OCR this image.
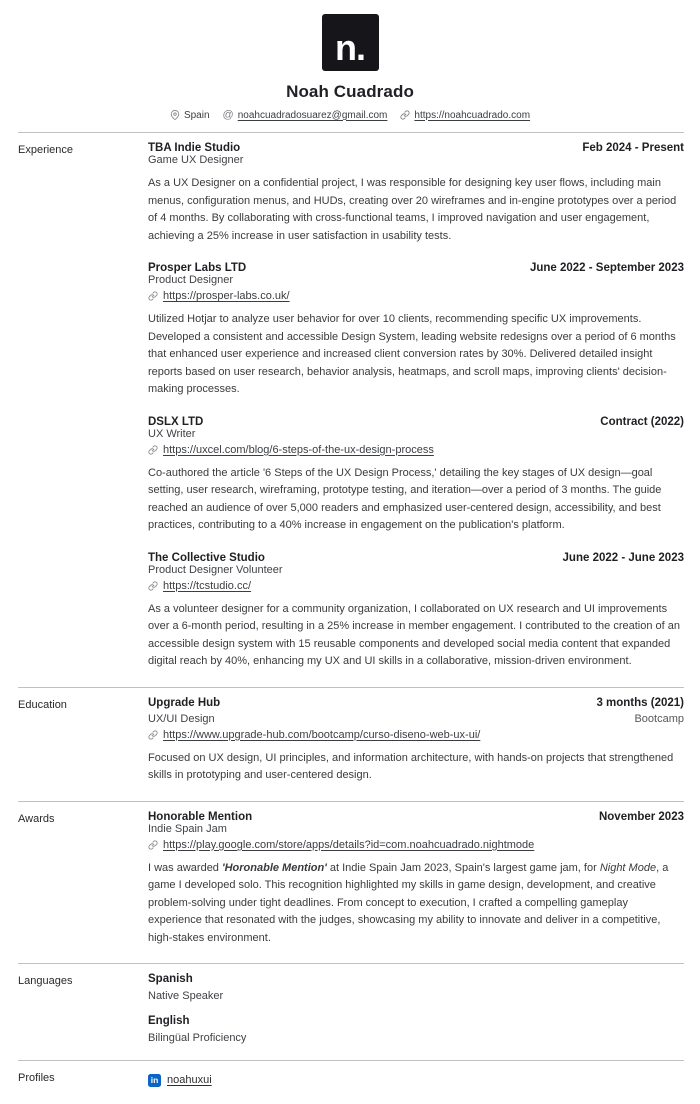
n.
Noah Cuadrado
Spain @ noahcuadradosuarez@gmail.com	https://noahcuadrado.com
Experience	TBA Indie Studio	Feb 2024 - Present
Game UX Designer

As a UX Designer on a confidential project, I was responsible for designing key user flows, including main menus, configuration menus, and HUDs, creating over 20 wireframes and in-engine prototypes over a period of 4 months. By collaborating with cross-functional teams, I improved navigation and user engagement, achieving a 25% increase in user satisfaction in usability tests.

Prosper Labs LTD	June 2022 - September 2023
Product Designer
https://prosper-labs.co.uk/

Utilized Hotjar to analyze user behavior for over 10 clients, recommending specific UX improvements. Developed a consistent and accessible Design System, leading website redesigns over a period of 6 months that enhanced user experience and increased client conversion rates by 30%. Delivered detailed insight reports based on user research, behavior analysis, heatmaps, and scroll maps, improving clients' decision-making processes.

DSLX LTD	Contract (2022)
UX Writer
https://uxcel.com/blog/6-steps-of-the-ux-design-process

Co-authored the article '6 Steps of the UX Design Process,' detailing the key stages of UX design—goal setting, user research, wireframing, prototype testing, and iteration—over a period of 3 months. The guide reached an audience of over 5,000 readers and emphasized user-centered design, accessibility, and best practices, contributing to a 40% increase in engagement on the publication's platform.

The Collective Studio	June 2022 - June 2023
Product Designer Volunteer
https://tcstudio.cc/

As a volunteer designer for a community organization, I collaborated on UX research and UI improvements over a 6-month period, resulting in a 25% increase in member engagement. I contributed to the creation of an accessible design system with 15 reusable components and developed social media content that expanded digital reach by 40%, enhancing my UX and UI skills in a collaborative, mission-driven environment.

Education	Upgrade Hub	3 months (2021)
UX/UI Design	Bootcamp
https://www.upgrade-hub.com/bootcamp/curso-diseno-web-ux-ui/

Focused on UX design, UI principles, and information architecture, with hands-on projects that strengthened skills in prototyping and user-centered design.

Awards	Honorable Mention	November 2023
Indie Spain Jam
https://play.google.com/store/apps/details?id=com.noahcuadrado.nightmode

I was awarded 'Horonable Mention' at Indie Spain Jam 2023, Spain's largest game jam, for Night Mode, a game I developed solo. This recognition highlighted my skills in game design, development, and creative problem-solving under tight deadlines. From concept to execution, I crafted a compelling gameplay experience that resonated with the judges, showcasing my ability to innovate and deliver in a competitive, high-stakes environment.

Languages	Spanish
Native Speaker
English
Bilingüal Proficiency
Profiles	in noahuxui
